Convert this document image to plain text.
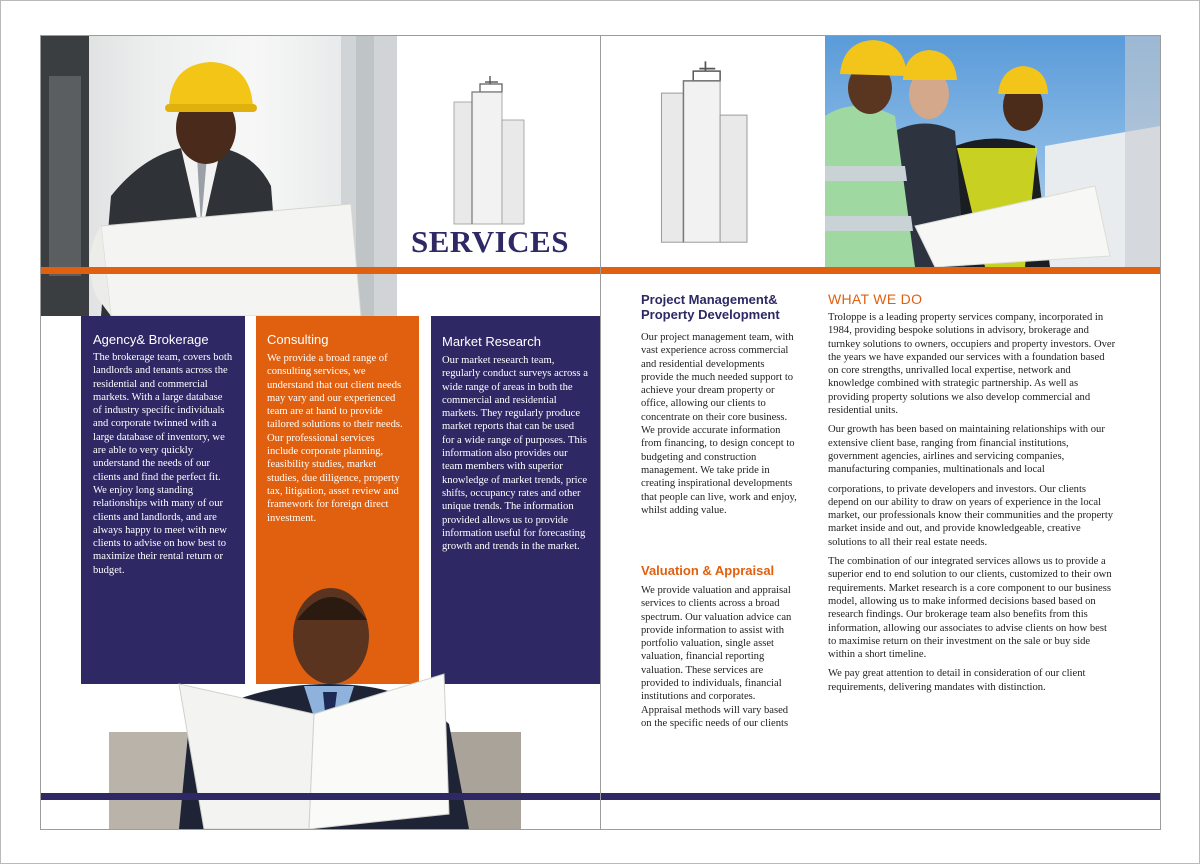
SERVICES
Agency& Brokerage

The brokerage team, covers both landlords and tenants across the residential and commercial markets. With a large database of industry specific individuals and corporate twinned with a large database of inventory, we are able to very quickly understand the needs of our clients and find the perfect fit. We enjoy long standing relationships with many of our clients and landlords, and are always happy to meet with new clients to advise on how best to maximize their rental return or budget.

Consulting

We provide a broad range of consulting services, we understand that out client needs may vary and our experienced team are at hand to provide tailored solutions to their needs. Our professional services include corporate planning, feasibility studies, market studies, due diligence, property tax, litigation, asset review and framework for foreign direct investment.

Market Research

Our market research team, regularly conduct surveys across a wide range of areas in both the commercial and residential markets. They regularly produce market reports that can be used for a wide range of purposes. This information also provides our team members with superior knowledge of market trends, price shifts, occupancy rates and other unique trends. The information provided allows us to provide information useful for forecasting growth and trends in the market.

Project Management&
Property Development
Our project management team, with vast experience across commercial and residential developments provide the much needed support to achieve your dream property or office, allowing our clients to concentrate on their core business. We provide accurate information from financing, to design concept to budgeting and construction management. We take pride in creating inspirational developments that people can live, work and enjoy, whilst adding value.
Valuation & Appraisal
We provide valuation and appraisal services to clients across a broad spectrum. Our valuation advice can provide information to assist with portfolio valuation, single asset valuation, financial reporting valuation. These services are provided to individuals, financial institutions and corporates. Appraisal methods will vary based on the specific needs of our clients
WHAT WE DO

Troloppe is a leading property services company, incorporated in 1984, providing bespoke solutions in advisory, brokerage and turnkey solutions to owners, occupiers and property investors. Over the years we have expanded our services with a foundation based on core strengths, unrivalled local expertise, network and knowledge combined with strategic partnership. As well as providing property solutions we also develop commercial and residential units.

Our growth has been based on maintaining relationships with our extensive client base, ranging from financial institutions, government agencies, airlines and servicing companies, manufacturing companies, multinationals and local

corporations, to private developers and investors. Our clients depend on our ability to draw on years of experience in the local market, our professionals know their communities and the property market inside and out, and provide knowledgeable, creative solutions to all their real estate needs.

The combination of our integrated services allows us to provide a superior end to end solution to our clients, customized to their own requirements. Market research is a core component to our business model, allowing us to make informed decisions based based on research findings. Our brokerage team also benefits from this information, allowing our associates to advise clients on how best to maximise return on their investment on the sale or buy side within a short timeline.

We pay great attention to detail in consideration of our client requirements, delivering mandates with distinction.
